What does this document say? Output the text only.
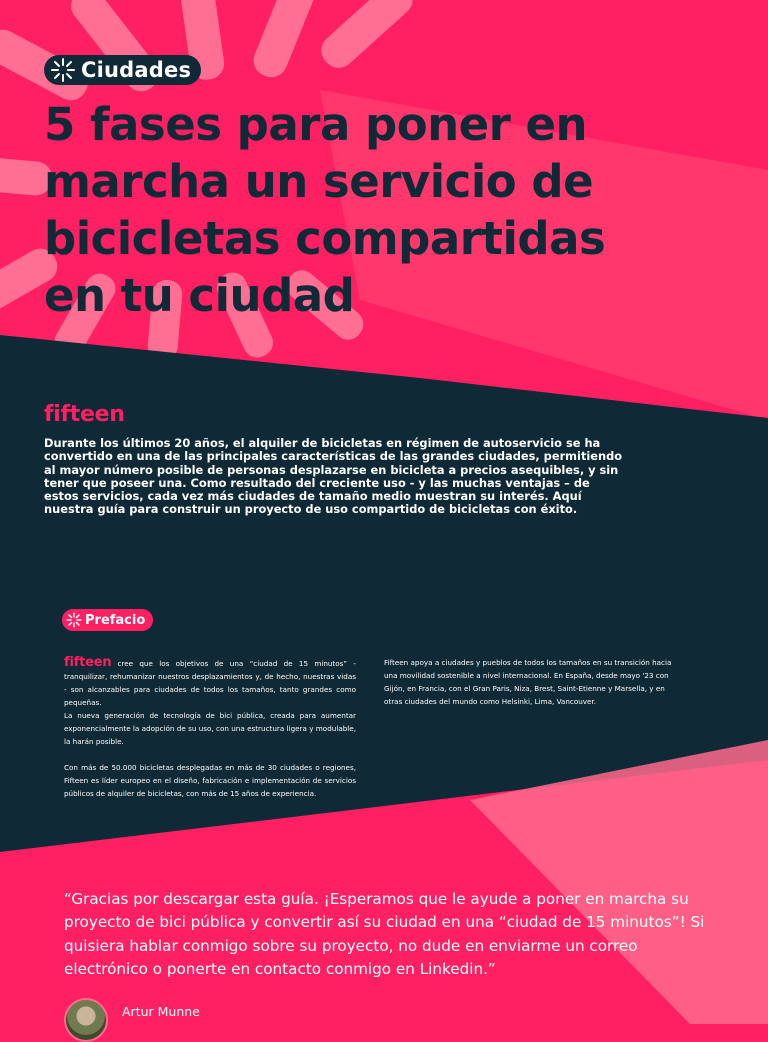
Ciudades
5 fases para poner en marcha un servicio de bicicletas compartidas en tu ciudad
fifteen

Durante los últimos 20 años, el alquiler de bicicletas en régimen de autoservicio se ha convertido en una de las principales características de las grandes ciudades, permitiendo al mayor número posible de personas desplazarse en bicicleta a precios asequibles, y sin tener que poseer una. Como resultado del creciente uso - y las muchas ventajas – de estos servicios, cada vez más ciudades de tamaño medio muestran su interés. Aquí nuestra guía para construir un proyecto de uso compartido de bicicletas con éxito.

Prefacio

fifteen cree que los objetivos de una “ciudad de 15 minutos” - tranquilizar, rehumanizar nuestros desplazamientos y, de hecho, nuestras vidas - son alcanzables para ciudades de todos los tamaños, tanto grandes como pequeñas.

La nueva generación de tecnología de bici pública, creada para aumentar exponencialmente la adopción de su uso, con una estructura ligera y modulable, la harán posible.

Con más de 50.000 bicicletas desplegadas en más de 30 ciudades o regiones, Fifteen es líder europeo en el diseño, fabricación e implementación de servicios públicos de alquiler de bicicletas, con más de 15 años de experiencia.

Fifteen apoya a ciudades y pueblos de todos los tamaños en su transición hacia una movilidad sostenible a nivel internacional. En España, desde mayo '23 con Gijón, en Francia, con el Gran Paris, Niza, Brest, Saint-Etienne y Marsella, y en otras ciudades del mundo como Helsinki, Lima, Vancouver.

“Gracias por descargar esta guía. ¡Esperamos que le ayude a poner en marcha su proyecto de bici pública y convertir así su ciudad en una “ciudad de 15 minutos”! Si quisiera hablar conmigo sobre su proyecto, no dude en enviarme un correo electrónico o ponerte en contacto conmigo en Linkedin.”

Artur Munne
